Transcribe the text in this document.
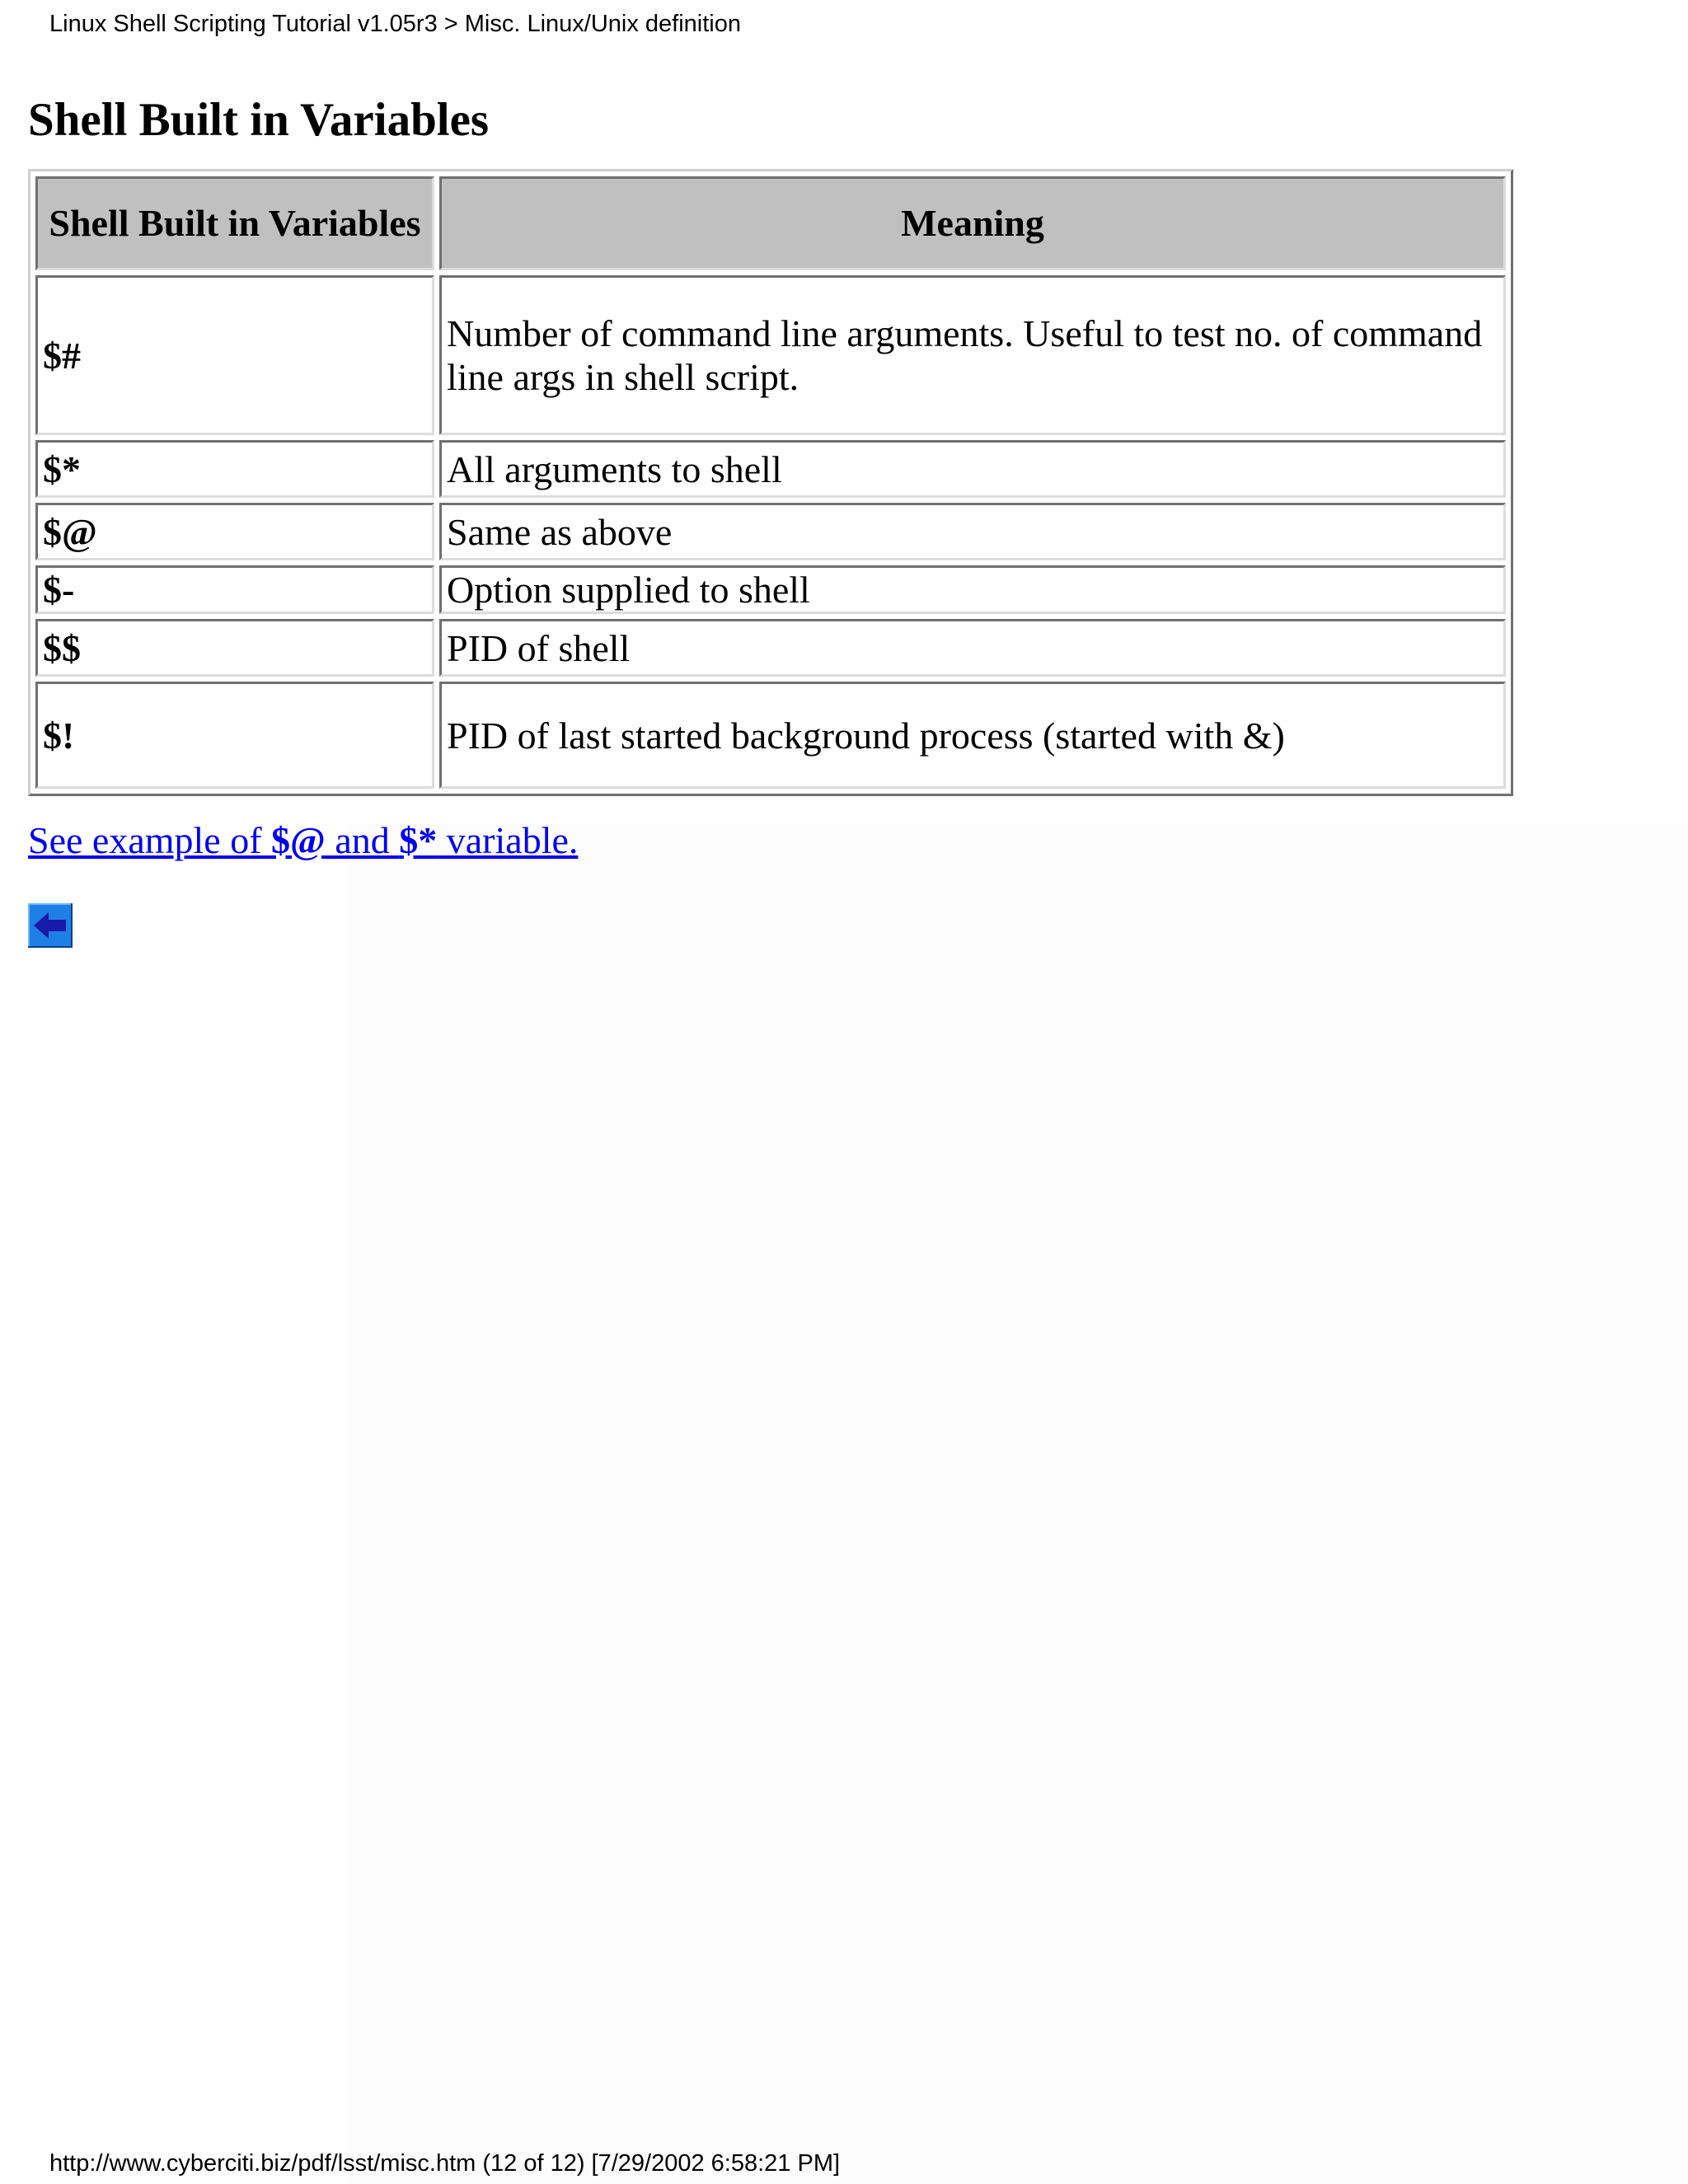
Linux Shell Scripting Tutorial v1.05r3 > Misc. Linux/Unix definition
Shell Built in Variables
Shell Built in Variables	Meaning
$#	Number of command line arguments. Useful to test no. of command line args in shell script.
$*	All arguments to shell
$@	Same as above
$-	Option supplied to shell
$$	PID of shell
$!	PID of last started background process (started with &)
See example of $@ and $* variable.
http://www.cyberciti.biz/pdf/lsst/misc.htm (12 of 12) [7/29/2002 6:58:21 PM]
